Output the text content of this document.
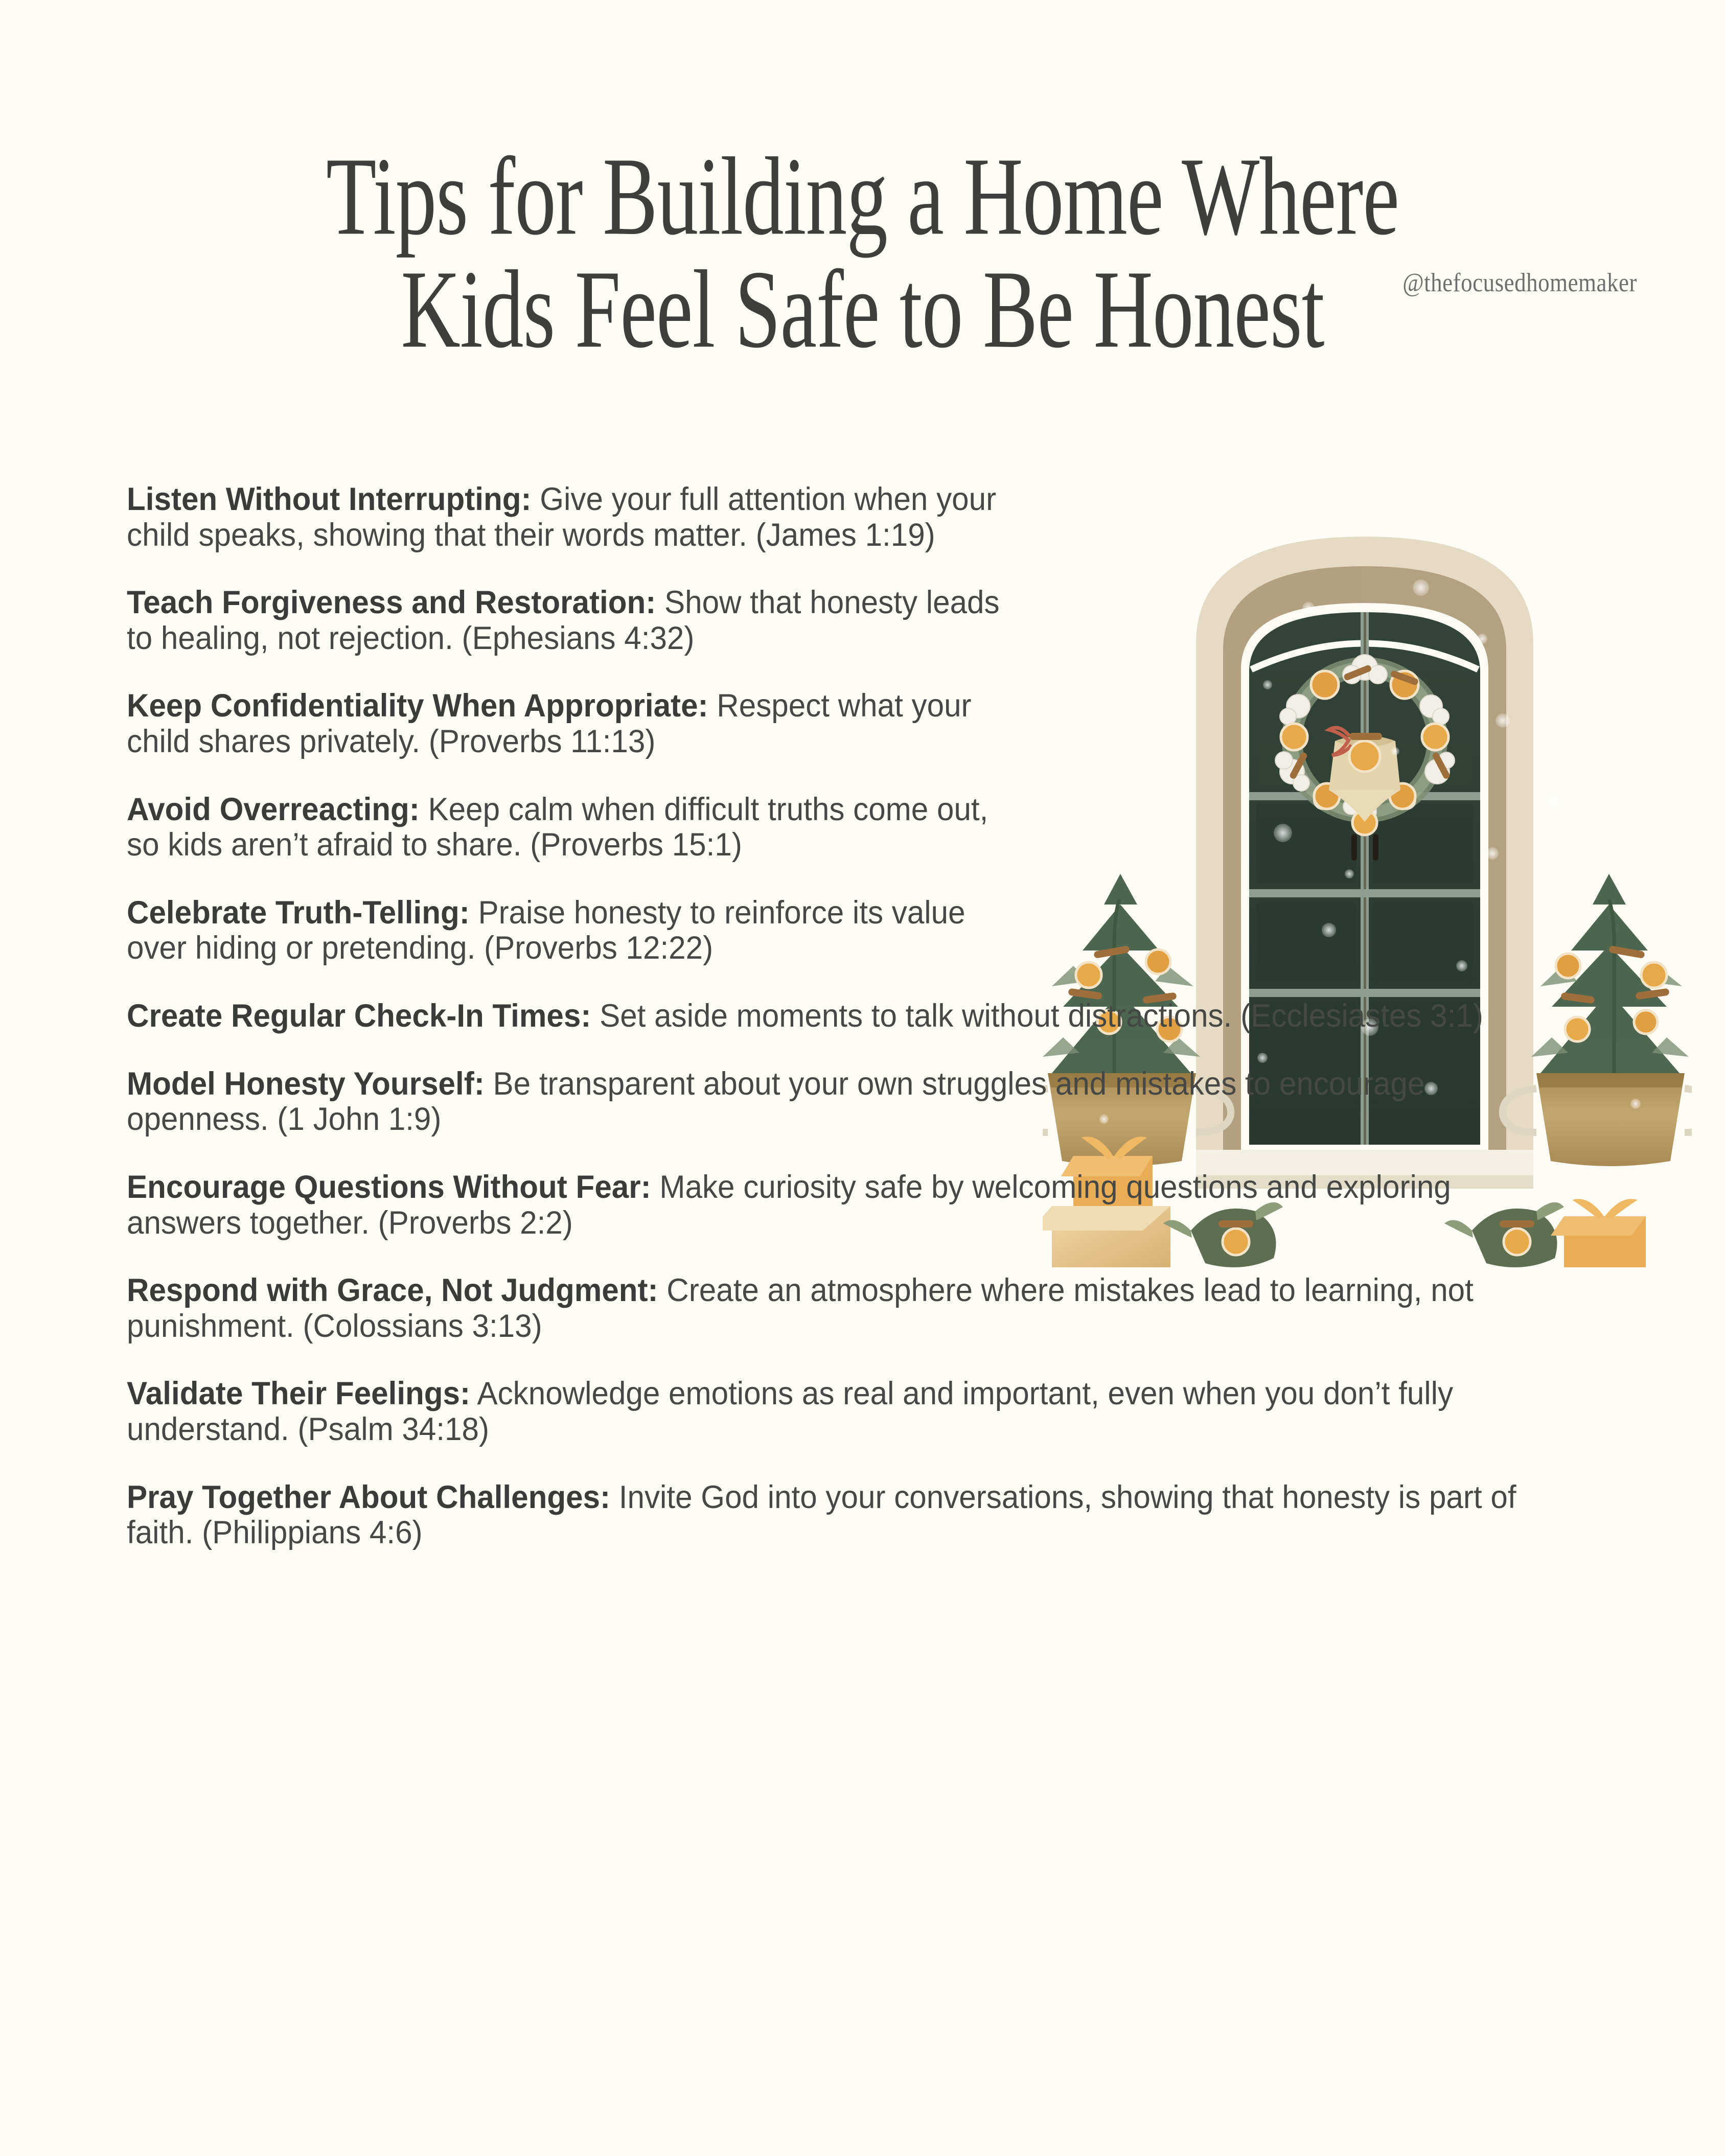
Tips for Building a Home Where
Kids Feel Safe to Be Honest	@thefocusedhomemaker

Listen Without Interrupting: Give your full attention when your child speaks, showing that their words matter. (James 1:19)

Teach Forgiveness and Restoration: Show that honesty leads to healing, not rejection. (Ephesians 4:32)

Keep Confidentiality When Appropriate: Respect what your child shares privately. (Proverbs 11:13)

Avoid Overreacting: Keep calm when difficult truths come out, so kids aren’t afraid to share. (Proverbs 15:1)

Celebrate Truth-Telling: Praise honesty to reinforce its value over hiding or pretending. (Proverbs 12:22)

Create Regular Check-In Times: Set aside moments to talk without distractions. (Ecclesiastes 3:1)

Model Honesty Yourself: Be transparent about your own struggles and mistakes to encourage openness. (1 John 1:9)

Encourage Questions Without Fear: Make curiosity safe by welcoming questions and exploring answers together. (Proverbs 2:2)

Respond with Grace, Not Judgment: Create an atmosphere where mistakes lead to learning, not punishment. (Colossians 3:13)

Validate Their Feelings: Acknowledge emotions as real and important, even when you don’t fully understand. (Psalm 34:18)

Pray Together About Challenges: Invite God into your conversations, showing that honesty is part of faith. (Philippians 4:6)
